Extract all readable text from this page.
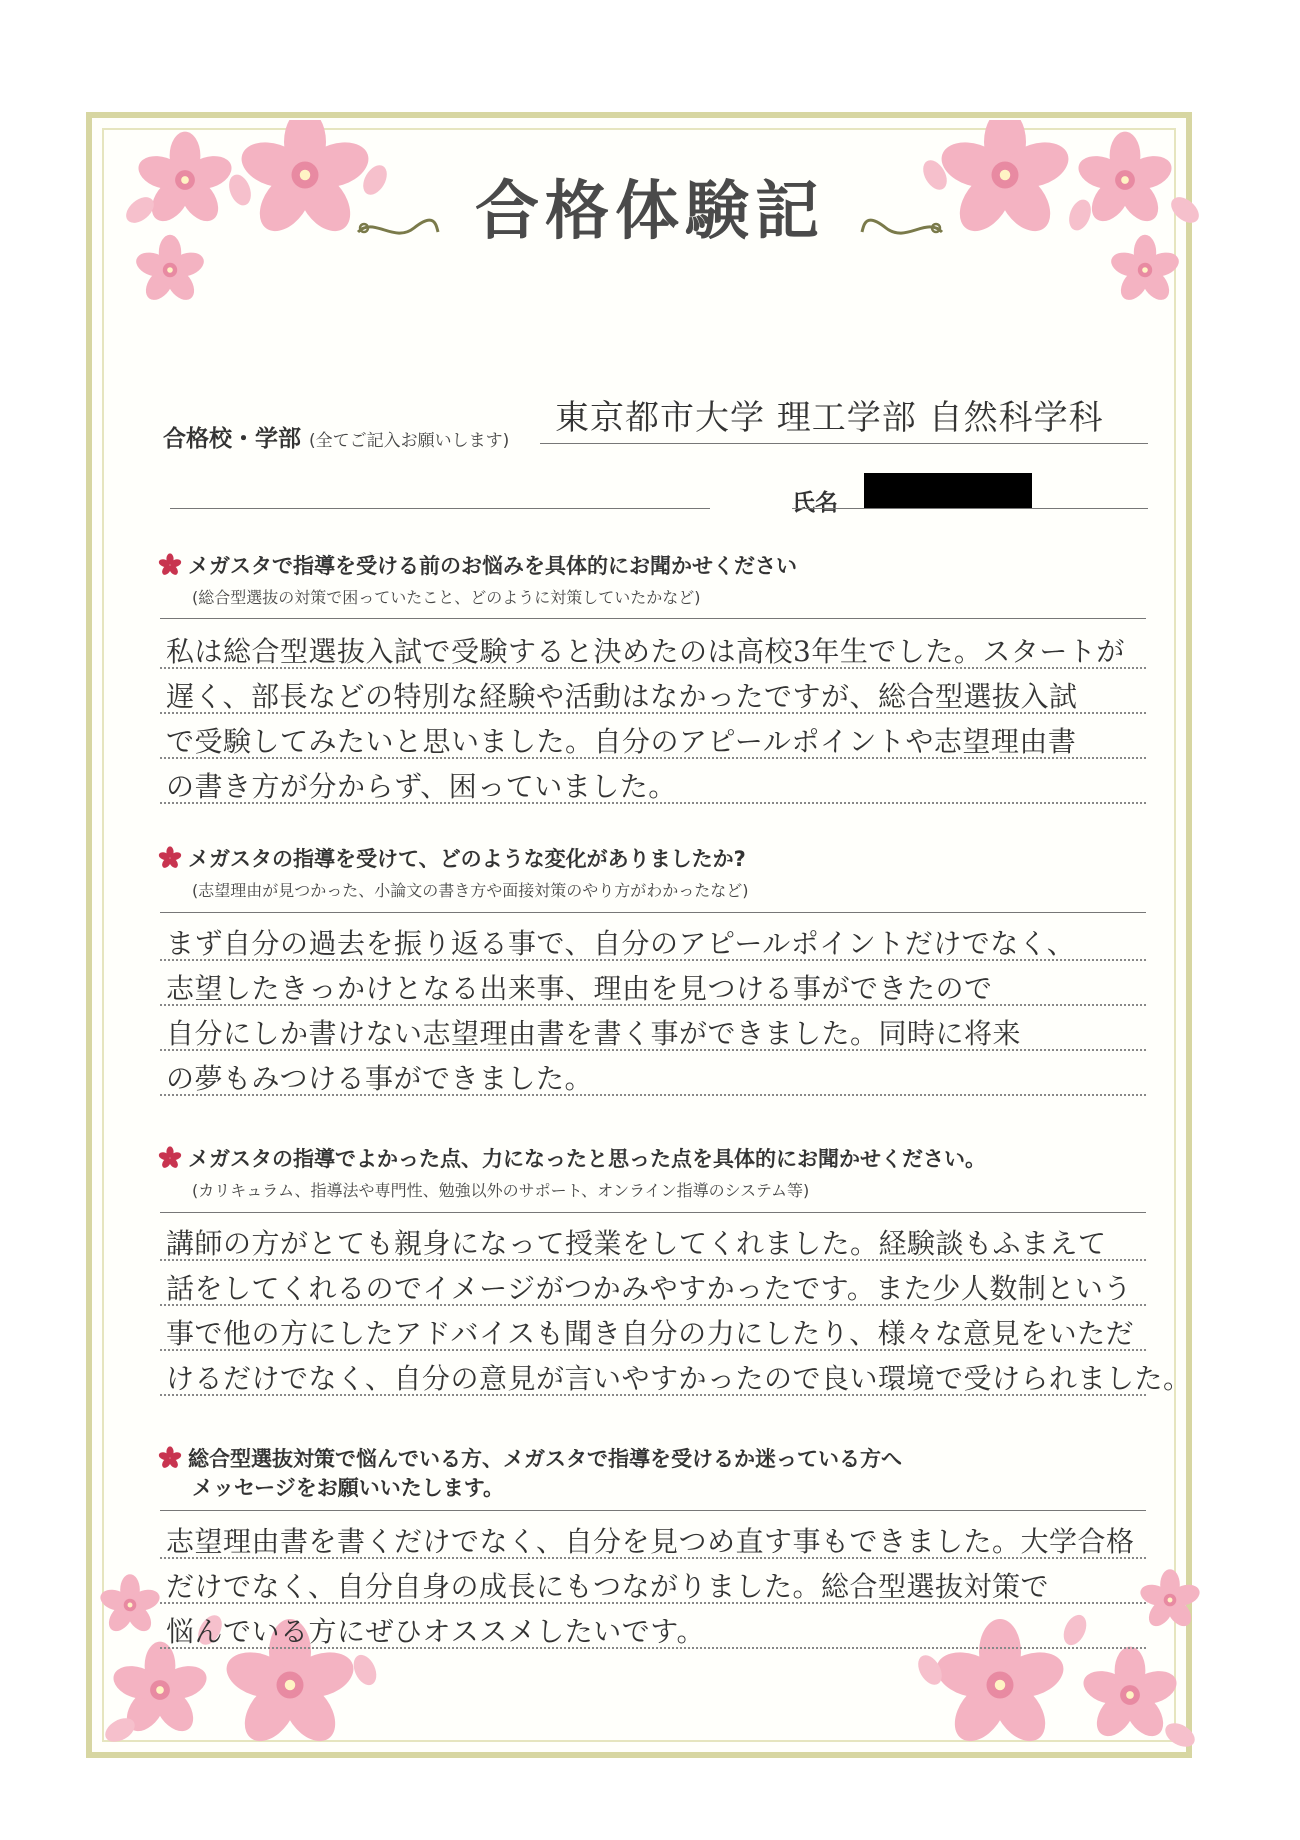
合格体験記
合格校・学部 (全てご記入お願いします)
東京都市大学 理工学部 自然科学科
氏名
メガスタで指導を受ける前のお悩みを具体的にお聞かせください
(総合型選抜の対策で困っていたこと、どのように対策していたかなど)
私は総合型選抜入試で受験すると決めたのは高校3年生でした。スタートが
遅く、部長などの特別な経験や活動はなかったですが、総合型選抜入試
で受験してみたいと思いました。自分のアピールポイントや志望理由書
の書き方が分からず、困っていました。
メガスタの指導を受けて、どのような変化がありましたか?
(志望理由が見つかった、小論文の書き方や面接対策のやり方がわかったなど)
まず自分の過去を振り返る事で、自分のアピールポイントだけでなく、
志望したきっかけとなる出来事、理由を見つける事ができたので
自分にしか書けない志望理由書を書く事ができました。同時に将来
の夢もみつける事ができました。
メガスタの指導でよかった点、力になったと思った点を具体的にお聞かせください。
(カリキュラム、指導法や専門性、勉強以外のサポート、オンライン指導のシステム等)
講師の方がとても親身になって授業をしてくれました。経験談もふまえて
話をしてくれるのでイメージがつかみやすかったです。また少人数制という
事で他の方にしたアドバイスも聞き自分の力にしたり、様々な意見をいただ
けるだけでなく、自分の意見が言いやすかったので良い環境で受けられました。
総合型選抜対策で悩んでいる方、メガスタで指導を受けるか迷っている方へ
メッセージをお願いいたします。
志望理由書を書くだけでなく、自分を見つめ直す事もできました。大学合格
だけでなく、自分自身の成長にもつながりました。総合型選抜対策で
悩んでいる方にぜひオススメしたいです。
